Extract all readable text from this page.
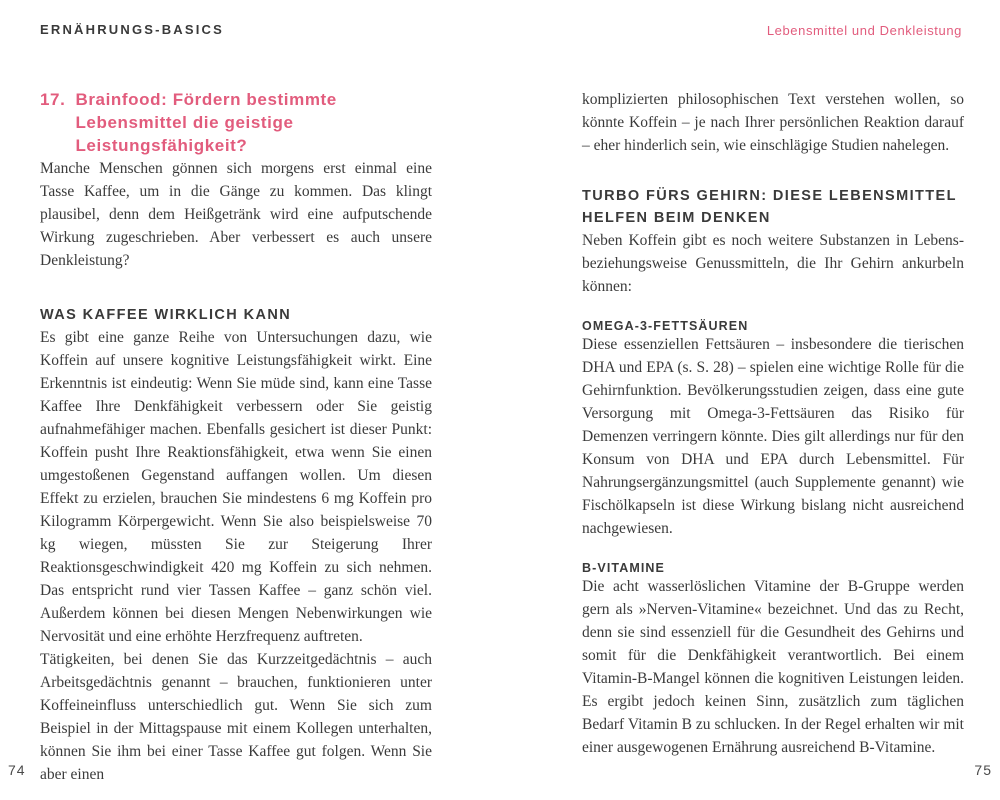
ERNÄHRUNGS-BASICS	Lebensmittel und Denkleistung
17. Brainfood: Fördern bestimmte Lebensmittel die geistige Leistungsfähigkeit?

Manche Menschen gönnen sich morgens erst einmal eine Tasse Kaffee, um in die Gänge zu kommen. Das klingt plausibel, denn dem Heißgetränk wird eine aufputschende Wirkung zugeschrieben. Aber verbessert es auch unsere Denkleistung?

WAS KAFFEE WIRKLICH KANN

Es gibt eine ganze Reihe von Untersuchungen dazu, wie Koffein auf unsere kognitive Leistungsfähigkeit wirkt. Eine Erkenntnis ist eindeutig: Wenn Sie müde sind, kann eine Tasse Kaffee Ihre Denkfähigkeit verbessern oder Sie geistig aufnahmefähiger machen. Ebenfalls gesichert ist dieser Punkt: Koffein pusht Ihre Reaktionsfähigkeit, etwa wenn Sie einen umgestoßenen Gegenstand auffangen wollen. Um diesen Effekt zu erzielen, brauchen Sie mindestens 6 mg Koffein pro Kilogramm Körpergewicht. Wenn Sie also beispielsweise 70 kg wiegen, müssten Sie zur Steigerung Ihrer Reaktionsgeschwindigkeit 420 mg Koffein zu sich nehmen. Das entspricht rund vier Tassen Kaffee – ganz schön viel. Außerdem können bei diesen Mengen Nebenwirkungen wie Nervosität und eine erhöhte Herzfrequenz auftreten.

Tätigkeiten, bei denen Sie das Kurzzeitgedächtnis – auch Arbeitsgedächtnis genannt – brauchen, funktionieren unter Koffeineinfluss unterschiedlich gut. Wenn Sie sich zum Beispiel in der Mittagspause mit einem Kollegen unterhalten, können Sie ihm bei einer Tasse Kaffee gut folgen. Wenn Sie aber einen

komplizierten philosophischen Text verstehen wollen, so könnte Koffein – je nach Ihrer persönlichen Reaktion darauf – eher hinderlich sein, wie einschlägige Studien nahelegen.

TURBO FÜRS GEHIRN: DIESE LEBENSMITTEL HELFEN BEIM DENKEN

Neben Koffein gibt es noch weitere Substanzen in Lebens- beziehungsweise Genussmitteln, die Ihr Gehirn ankurbeln können:

OMEGA-3-FETTSÄUREN

Diese essenziellen Fettsäuren – insbesondere die tierischen DHA und EPA (s. S. 28) – spielen eine wichtige Rolle für die Gehirnfunktion. Bevölkerungsstudien zeigen, dass eine gute Versorgung mit Omega-3-Fettsäuren das Risiko für Demenzen verringern könnte. Dies gilt allerdings nur für den Konsum von DHA und EPA durch Lebensmittel. Für Nahrungsergänzungsmittel (auch Supplemente genannt) wie Fischölkapseln ist diese Wirkung bislang nicht ausreichend nachgewiesen.

B-VITAMINE

Die acht wasserlöslichen Vitamine der B-Gruppe werden gern als »Nerven-Vitamine« bezeichnet. Und das zu Recht, denn sie sind essenziell für die Gesundheit des Gehirns und somit für die Denkfähigkeit verantwortlich. Bei einem Vitamin-B-Mangel können die kognitiven Leistungen leiden. Es ergibt jedoch keinen Sinn, zusätzlich zum täglichen Bedarf Vitamin B zu schlucken. In der Regel erhalten wir mit einer ausgewogenen Ernährung ausreichend B-Vitamine.

74	75
